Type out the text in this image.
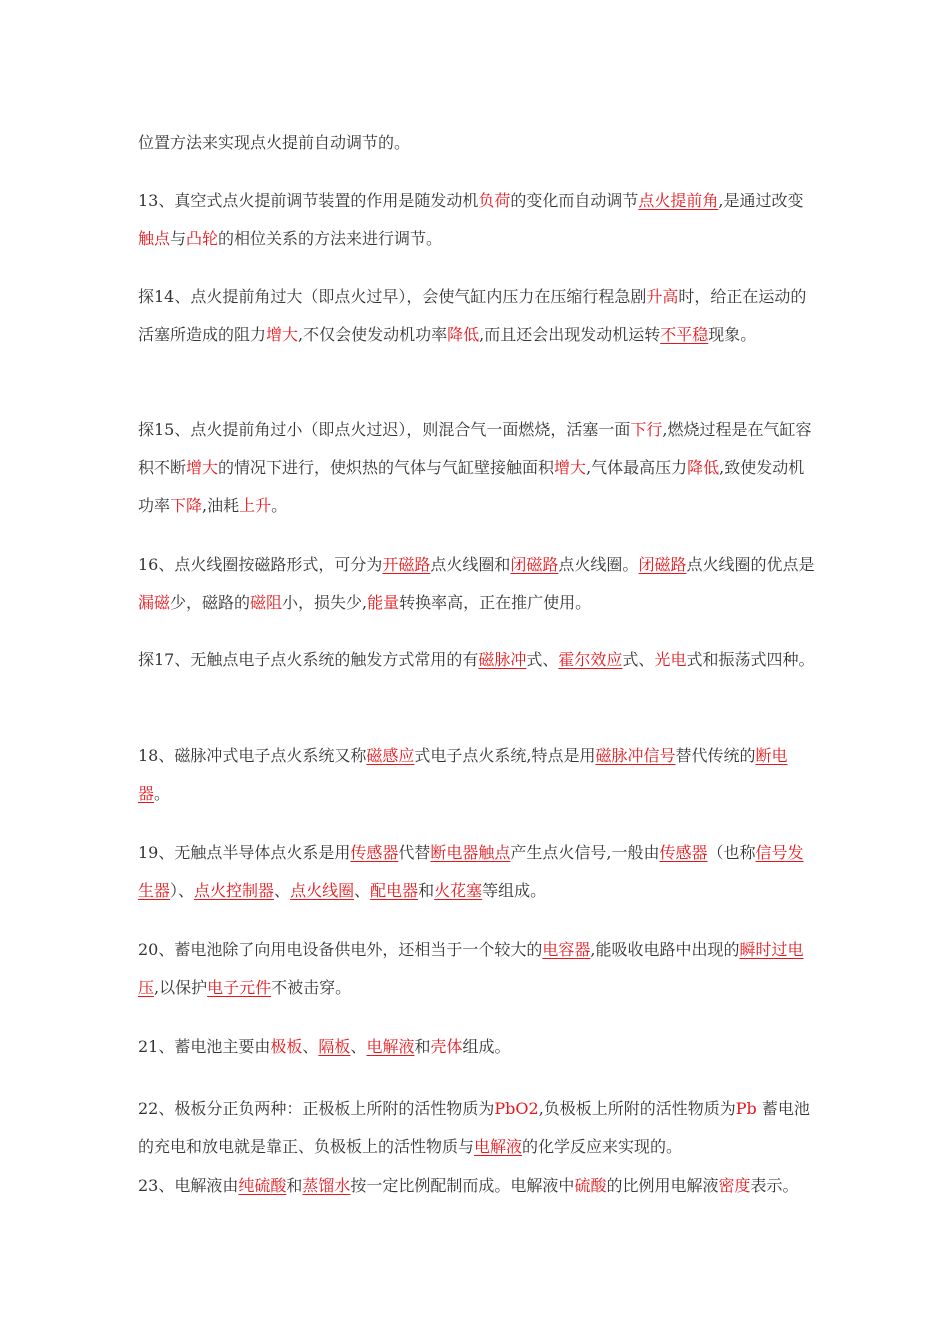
位置方法来实现点火提前自动调节的。
13、真空式点火提前调节装置的作用是随发动机负荷的变化而自动调节点火提前角,是通过改变触点与凸轮的相位关系的方法来进行调节。
探14、点火提前角过大（即点火过早），会使气缸内压力在压缩行程急剧升高时，给正在运动的活塞所造成的阻力增大,不仅会使发动机功率降低,而且还会出现发动机运转不平稳现象。
探15、点火提前角过小（即点火过迟），则混合气一面燃烧，活塞一面下行,燃烧过程是在气缸容积不断增大的情况下进行，使炽热的气体与气缸壁接触面积增大,气体最高压力降低,致使发动机功率下降,油耗上升。
16、点火线圈按磁路形式，可分为开磁路点火线圈和闭磁路点火线圈。闭磁路点火线圈的优点是漏磁少，磁路的磁阻小，损失少,能量转换率高，正在推广使用。
探17、无触点电子点火系统的触发方式常用的有磁脉冲式、霍尔效应式、光电式和振荡式四种。
18、磁脉冲式电子点火系统又称磁感应式电子点火系统,特点是用磁脉冲信号替代传统的断电器。
19、无触点半导体点火系是用传感器代替断电器触点产生点火信号,一般由传感器（也称信号发生器）、点火控制器、点火线圈、配电器和火花塞等组成。
20、蓄电池除了向用电设备供电外，还相当于一个较大的电容器,能吸收电路中出现的瞬时过电压,以保护电子元件不被击穿。
21、蓄电池主要由极板、隔板、电解液和壳体组成。
22、极板分正负两种：正极板上所附的活性物质为PbO2,负极板上所附的活性物质为Pb 蓄电池的充电和放电就是靠正、负极板上的活性物质与电解液的化学反应来实现的。
23、电解液由纯硫酸和蒸馏水按一定比例配制而成。电解液中硫酸的比例用电解液密度表示。
